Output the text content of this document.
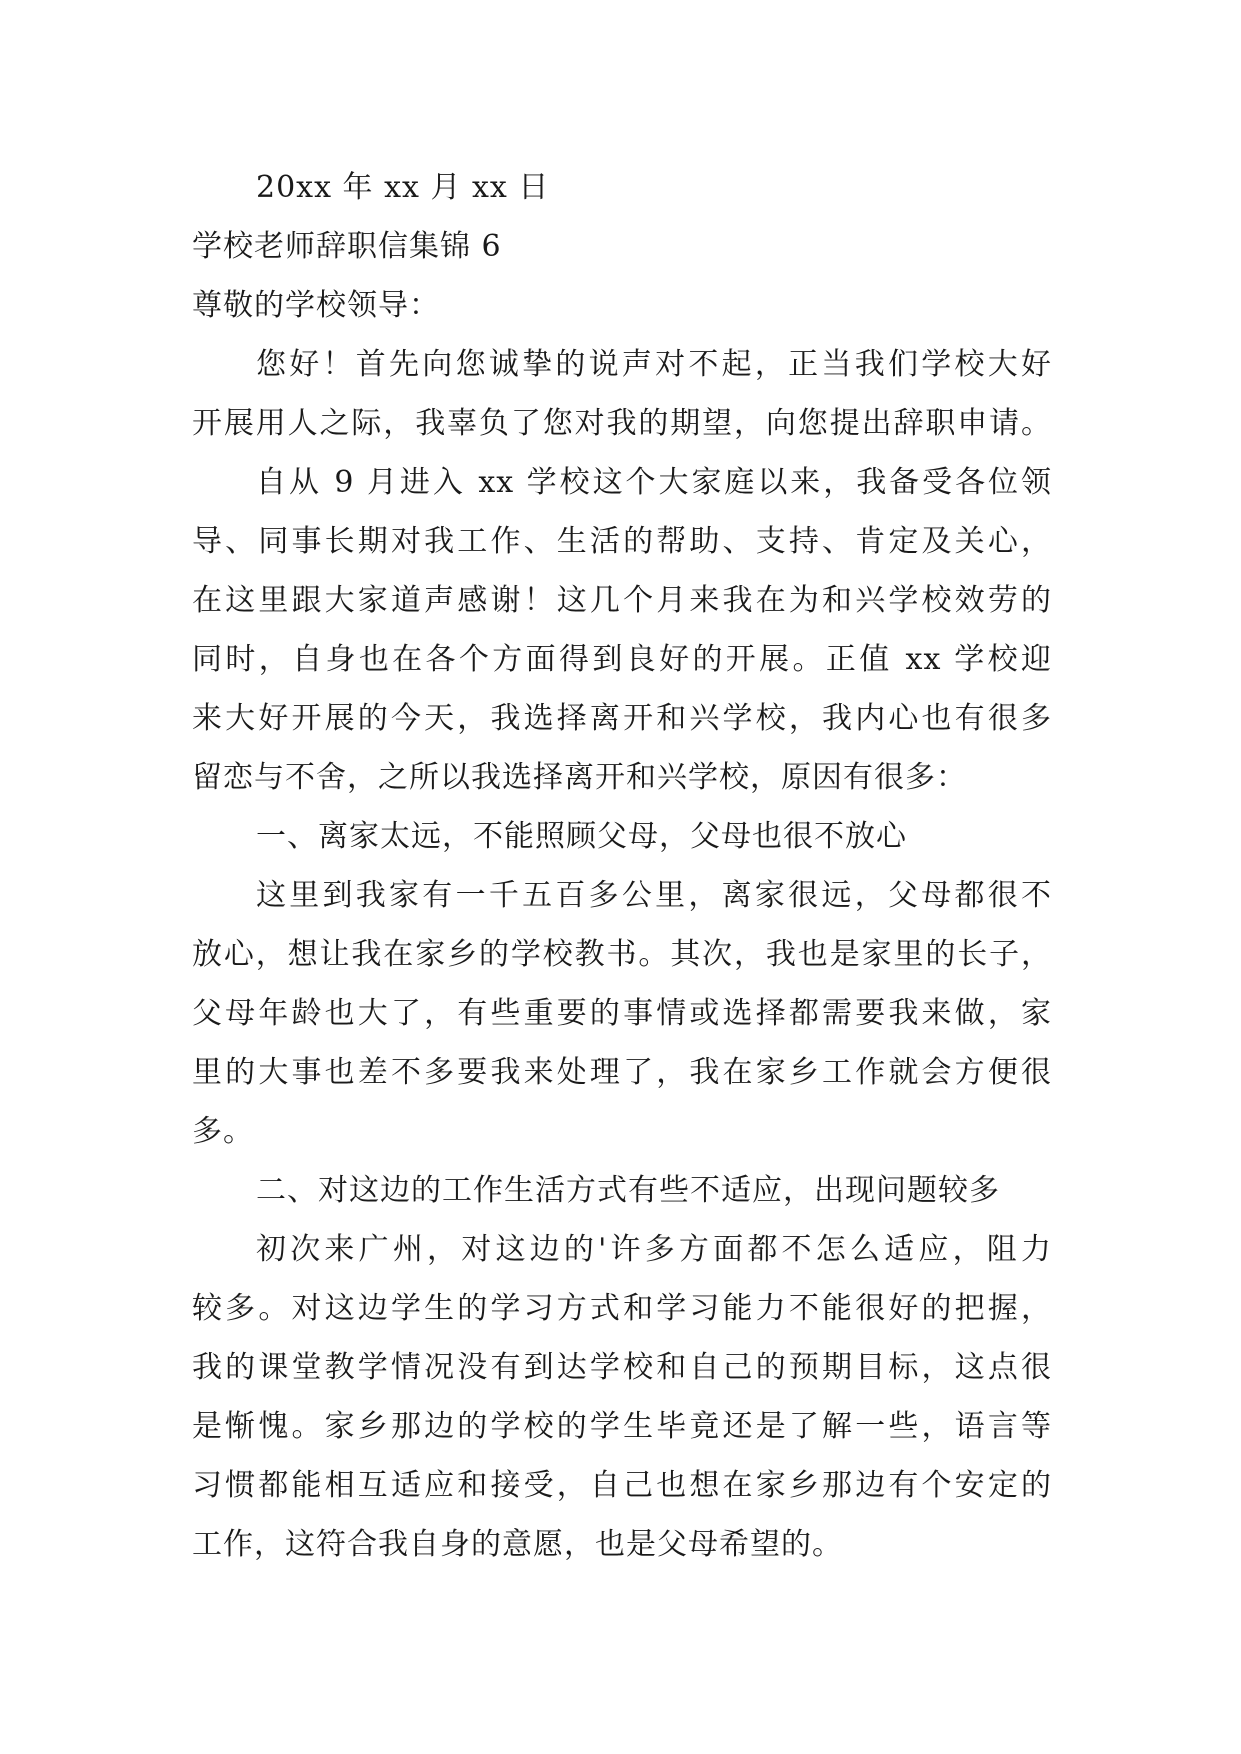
20xx 年 xx 月 xx 日
学校老师辞职信集锦 6
尊敬的学校领导：
您好！首先向您诚挚的说声对不起，正当我们学校大好
开展用人之际，我辜负了您对我的期望，向您提出辞职申请。
自从 9 月进入 xx 学校这个大家庭以来，我备受各位领
导、同事长期对我工作、生活的帮助、支持、肯定及关心，
在这里跟大家道声感谢！这几个月来我在为和兴学校效劳的
同时，自身也在各个方面得到良好的开展。正值 xx 学校迎
来大好开展的今天，我选择离开和兴学校，我内心也有很多
留恋与不舍，之所以我选择离开和兴学校，原因有很多：
一、离家太远，不能照顾父母，父母也很不放心
这里到我家有一千五百多公里，离家很远，父母都很不
放心，想让我在家乡的学校教书。其次，我也是家里的长子，
父母年龄也大了，有些重要的事情或选择都需要我来做，家
里的大事也差不多要我来处理了，我在家乡工作就会方便很
多。
二、对这边的工作生活方式有些不适应，出现问题较多
初次来广州，对这边的'许多方面都不怎么适应，阻力
较多。对这边学生的学习方式和学习能力不能很好的把握，
我的课堂教学情况没有到达学校和自己的预期目标，这点很
是惭愧。家乡那边的学校的学生毕竟还是了解一些，语言等
习惯都能相互适应和接受，自己也想在家乡那边有个安定的
工作，这符合我自身的意愿，也是父母希望的。
